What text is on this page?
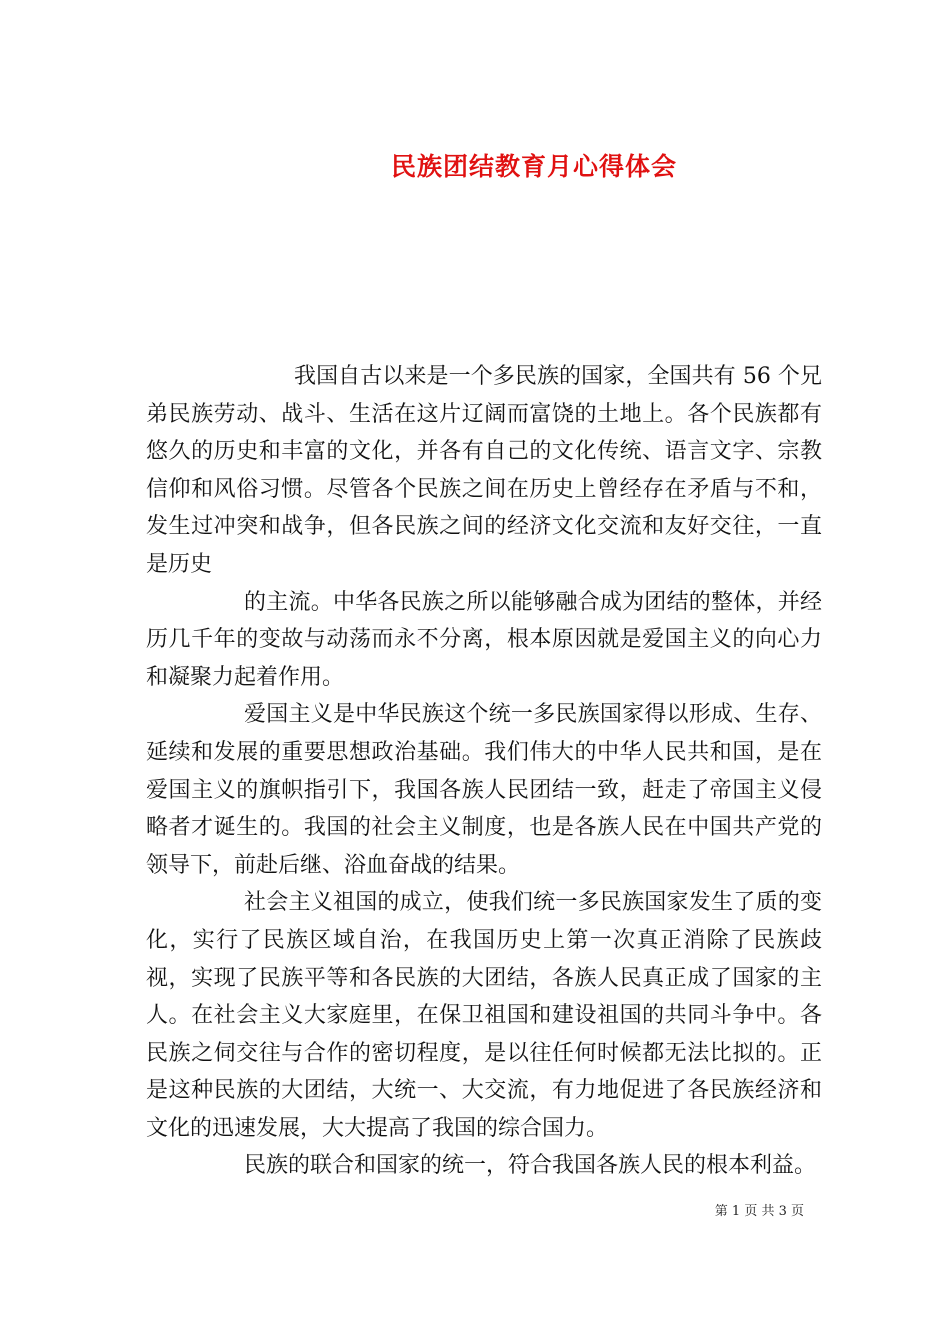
民族团结教育月心得体会

我国自古以来是一个多民族的国家，全国共有 56 个兄弟民族劳动、战斗、生活在这片辽阔而富饶的土地上。各个民族都有悠久的历史和丰富的文化，并各有自己的文化传统、语言文字、宗教信仰和风俗习惯。尽管各个民族之间在历史上曾经存在矛盾与不和，发生过冲突和战争，但各民族之间的经济文化交流和友好交往，一直是历史

的主流。中华各民族之所以能够融合成为团结的整体，并经历几千年的变故与动荡而永不分离，根本原因就是爱国主义的向心力和凝聚力起着作用。

爱国主义是中华民族这个统一多民族国家得以形成、生存、延续和发展的重要思想政治基础。我们伟大的中华人民共和国，是在爱国主义的旗帜指引下，我国各族人民团结一致，赶走了帝国主义侵略者才诞生的。我国的社会主义制度，也是各族人民在中国共产党的领导下，前赴后继、浴血奋战的结果。

社会主义祖国的成立，使我们统一多民族国家发生了质的变化，实行了民族区域自治，在我国历史上第一次真正消除了民族歧视，实现了民族平等和各民族的大团结，各族人民真正成了国家的主人。在社会主义大家庭里，在保卫祖国和建设祖国的共同斗争中。各民族之伺交往与合作的密切程度，是以往任何时候都无法比拟的。正是这种民族的大团结，大统一、大交流，有力地促进了各民族经济和文化的迅速发展，大大提高了我国的综合国力。

民族的联合和国家的统一，符合我国各族人民的根本利益。

第 1 页 共 3 页
